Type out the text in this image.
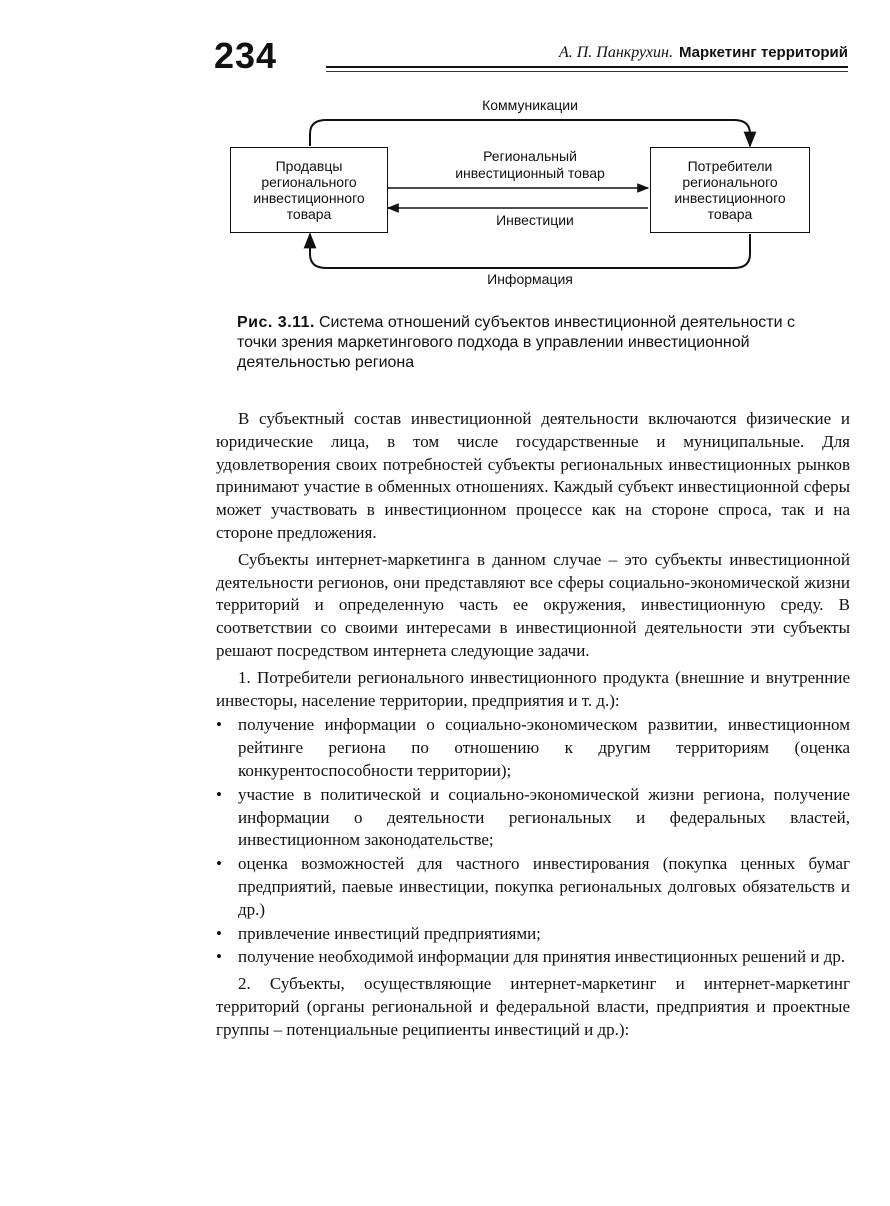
234	А. П. Панкрухин. Маркетинг территорий
Коммуникации
Информация
Продавцы
регионального
инвестиционного
товара
Потребители
регионального
инвестиционного
товара
Региональный
инвестиционный товар
Инвестиции
Рис. 3.11. Система отношений субъектов инвестиционной деятельности с точки зрения маркетингового подхода в управлении инвестиционной деятельностью региона

В субъектный состав инвестиционной деятельности включаются физические и юридические лица, в том числе государственные и муниципальные. Для удовлетворения своих потребностей субъекты региональных инвестиционных рынков принимают участие в обменных отношениях. Каждый субъект инвестиционной сферы может участвовать в инвестиционном процессе как на стороне спроса, так и на стороне предложения.

Субъекты интернет-маркетинга в данном случае – это субъекты инвестиционной деятельности регионов, они представляют все сферы социально-экономической жизни территорий и определенную часть ее окружения, инвестиционную среду. В соответствии со своими интересами в инвестиционной деятельности эти субъекты решают посредством интернета следующие задачи.

1. Потребители регионального инвестиционного продукта (внешние и внутренние инвесторы, население территории, предприятия и т. д.):

• получение информации о социально-экономическом развитии, инвестиционном рейтинге региона по отношению к другим территориям (оценка конкурентоспособности территории);
• участие в политической и социально-экономической жизни региона, получение информации о деятельности региональных и федеральных властей, инвестиционном законодательстве;
• оценка возможностей для частного инвестирования (покупка ценных бумаг предприятий, паевые инвестиции, покупка региональных долговых обязательств и др.)
• привлечение инвестиций предприятиями;
• получение необходимой информации для принятия инвестиционных решений и др.

2. Субъекты, осуществляющие интернет-маркетинг и интернет-маркетинг территорий (органы региональной и федеральной власти, предприятия и проектные группы – потенциальные реципиенты инвестиций и др.):
